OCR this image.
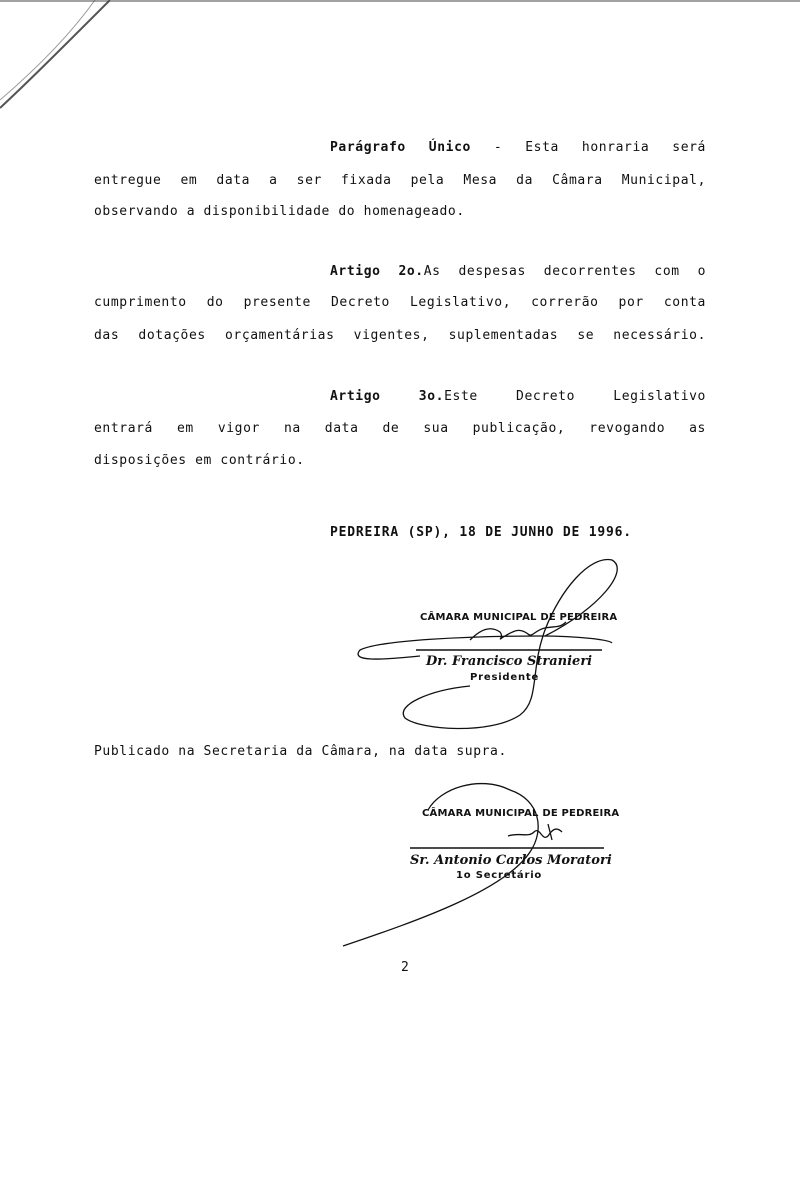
Parágrafo Único - Esta honraria será
entregue em data a ser fixada pela Mesa da Câmara Municipal,
observando a disponibilidade do homenageado.
Artigo 2o.As despesas decorrentes com o
cumprimento do presente Decreto Legislativo, correrão por conta
das dotações orçamentárias vigentes, suplementadas se necessário.
Artigo 3o.Este Decreto Legislativo
entrará em vigor na data de sua publicação, revogando as
disposições em contrário.
PEDREIRA (SP), 18 DE JUNHO DE 1996.
CÂMARA MUNICIPAL DE PEDREIRA
Dr. Francisco Stranieri
Presidente
Publicado na Secretaria da Câmara, na data supra.
CÂMARA MUNICIPAL DE PEDREIRA
Sr. Antonio Carlos Moratori
1o Secretário
2
